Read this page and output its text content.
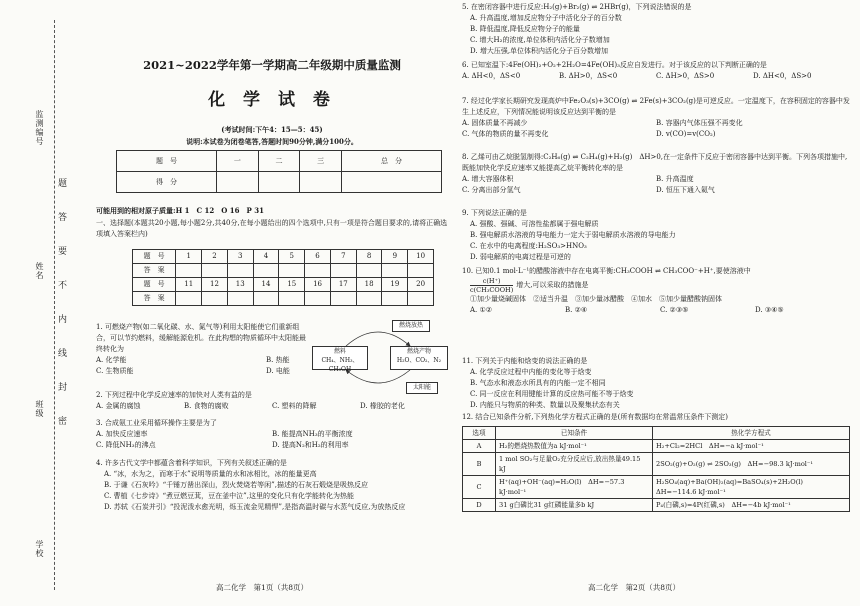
监测编号
姓名
班级
学校
题
答
要
不
内
线
封
密
2021~2022学年第一学期高二年级期中质量监测
化 学 试 卷
(考试时间:下午4：15—5：45)
说明:本试卷为闭卷笔答,答题时间90分钟,满分100分。
题　号	一	二	三	总　分
得　分				
可能用到的相对原子质量:H 1　C 12　O 16　P 31
一、选择题(本题共20小题,每小题2分,共40分,在每小题给出的四个选项中,只有一项是符合题目要求的,请将正确选项填入答案栏内)
题　号	1	2	3	4	5	6	7	8	9	10
答　案										
题　号	11	12	13	14	15	16	17	18	19	20
答　案										
1. 可燃烧产物(如二氧化碳、水、氮气等)利用太阳能使它们重新组合，可以节约燃料，缓解能源危机。在此构想的物质循环中太阳能最终转化为
A. 化学能	B. 热能
C. 生物质能	D. 电能
燃烧放热
燃料
CH₄、NH₃、CH₃OH
燃烧产物
H₂O、CO₂、N₂
太阳能
2. 下列过程中化学反应速率的加快对人类有益的是
A. 金属的腐蚀	B. 食物的腐败	C. 塑料的降解	D. 橡胶的老化
3. 合成氨工业采用循环操作主要是为了
A. 加快反应速率	B. 能提高NH₃的平衡浓度
C. 降低NH₃的沸点	D. 提高N₂和H₂的利用率
4. 许多古代文学中都蕴含着科学知识，下列有关叙述正确的是
A. “冰，水为之，而寒于水”说明等质量的水和冰相比，冰的能量更高
B. 于谦《石灰吟》“千锤万凿出深山，烈火焚烧若等闲”,描述的石灰石煅烧是吸热反应
C. 曹植《七步诗》“煮豆燃豆萁，豆在釜中泣”,这里的变化只有化学能转化为热能
D. 苏轼《石炭并引》“投泥泼水愈光明，烁玉流金见精悍”,是指高温时碳与水蒸气反应,为放热反应
高二化学　第1页（共8页）
5. 在密闭容器中进行反应:H₂(g)+Br₂(g) ⇌ 2HBr(g)，下列说法错误的是
A. 升高温度,增加反应物分子中活化分子的百分数
B. 降低温度,降低反应物分子的能量
C. 增大H₂的浓度,单位体积内活化分子数增加
D. 增大压强,单位体积内活化分子百分数增加
6. 已知室温下:4Fe(OH)₂+O₂+2H₂O=4Fe(OH)₃反应自发进行。对于该反应的以下判断正确的是
A. ΔH<0，ΔS<0	B. ΔH>0，ΔS<0	C. ΔH>0，ΔS>0	D. ΔH<0，ΔS>0
7. 经过化学家长期研究发现高炉中Fe₂O₃(s)+3CO(g) ⇌ 2Fe(s)+3CO₂(g)是可逆反应。一定温度下，在容积固定的容器中发生上述反应，下列情况能说明该反应达到平衡的是
A. 固体质量不再减少	B. 容器内气体压强不再变化
C. 气体的物质的量不再变化	D. v(CO)=v(CO₂)
8. 乙烯可由乙烷脱氢制得:C₂H₆(g) ⇌ C₂H₄(g)+H₂(g)　ΔH>0,在一定条件下反应于密闭容器中达到平衡。下列各项措施中,既能加快化学反应速率又能提高乙烷平衡转化率的是
A. 增大容器体积	B. 升高温度
C. 分离出部分氢气	D. 恒压下通入氦气
9. 下列说法正确的是
A. 强酸、强碱、可溶性盐都属于强电解质
B. 强电解质水溶液的导电能力一定大于弱电解质水溶液的导电能力
C. 在水中的电离程度:H₂SO₃>HNO₃
D. 弱电解质的电离过程是可逆的
10. 已知0.1 mol·L⁻¹的醋酸溶液中存在电离平衡:CH₃COOH ⇌ CH₃COO⁻+H⁺,要使溶液中
c(H⁺)
c(CH₃COOH)
增大,可以采取的措施是
①加少量烧碱固体　②适当升温　③加少量冰醋酸　④加水　⑤加少量醋酸钠固体
A. ①②	B. ②④	C. ②③⑤	D. ③④⑤
11. 下列关于内能和焓变的说法正确的是
A. 化学反应过程中内能的变化等于焓变
B. 气态水和液态水所具有的内能一定不相同
C. 同一反应在利用键能计算的反应热可能不等于焓变
D. 内能只与物质的种类、数量以及聚集状态有关
12. 结合已知条件分析,下列热化学方程式正确的是(所有数据均在常温常压条件下测定)
选项	已知条件	热化学方程式
A	H₂的燃烧热数值为a kJ·mol⁻¹	H₂+Cl₂=2HCl　ΔH=−a kJ·mol⁻¹
B	1 mol SO₂与足量O₂充分反应后,放出热量49.15 kJ	2SO₂(g)+O₂(g) ⇌ 2SO₃(g)　ΔH=−98.3 kJ·mol⁻¹
C	H⁺(aq)+OH⁻(aq)=H₂O(l)　ΔH=−57.3 kJ·mol⁻¹	H₂SO₄(aq)+Ba(OH)₂(aq)=BaSO₄(s)+2H₂O(l)　ΔH=−114.6 kJ·mol⁻¹
D	31 g白磷比31 g红磷能量多b kJ	P₄(白磷,s)=4P(红磷,s)　ΔH=−4b kJ·mol⁻¹
高二化学　第2页（共8页）
